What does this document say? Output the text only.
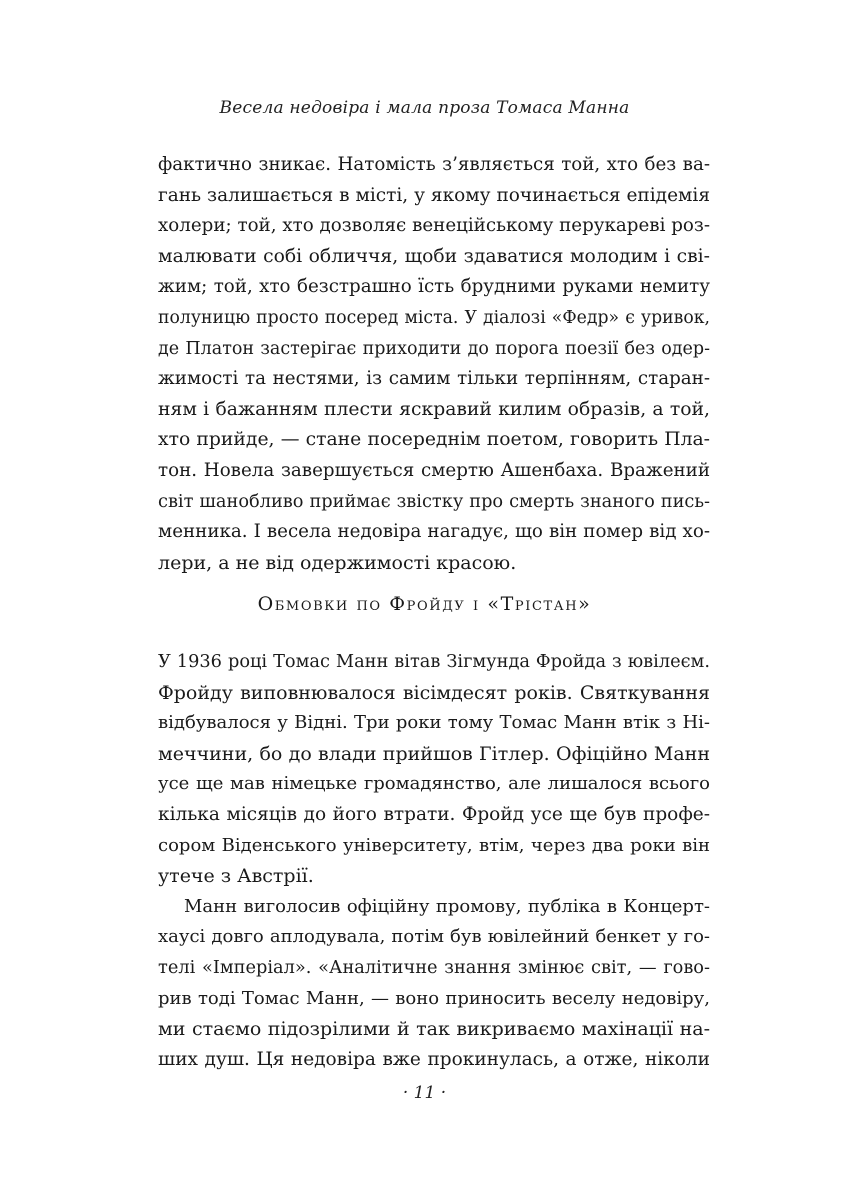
Весела недовіра і мала проза Томаса Манна
фактично зникає. Натомість з’являється той, хто без ва-
гань залишається в місті, у якому починається епідемія
холери; той, хто дозволяє венеційському перукареві роз-
малювати собі обличчя, щоби здаватися молодим і сві-
жим; той, хто безстрашно їсть брудними руками немиту
полуницю просто посеред міста. У діалозі «Федр» є уривок,
де Платон застерігає приходити до порога поезії без одер-
жимості та нестями, із самим тільки терпінням, старан-
ням і бажанням плести яскравий килим образів, а той,
хто прийде, — стане посереднім поетом, говорить Пла-
тон. Новела завершується смертю Ашенбаха. Вражений
світ шанобливо приймає звістку про смерть знаного пись-
менника. І весела недовіра нагадує, що він помер від хо-
лери, а не від одержимості красою.
Обмовки по Фройду і «Трістан»
У 1936 році Томас Манн вітав Зігмунда Фройда з ювілеєм.
Фройду виповнювалося вісімдесят років. Святкування
відбувалося у Відні. Три роки тому Томас Манн втік з Ні-
меччини, бо до влади прийшов Гітлер. Офіційно Манн
усе ще мав німецьке громадянство, але лишалося всього
кілька місяців до його втрати. Фройд усе ще був профе-
сором Віденського університету, втім, через два роки він
утече з Австрії.
Манн виголосив офіційну промову, публіка в Концерт-
хаусі довго аплодувала, потім був ювілейний бенкет у го-
телі «Імперіал». «Аналітичне знання змінює світ, — гово-
рив тоді Томас Манн, — воно приносить веселу недовіру,
ми стаємо підозрілими й так викриваємо махінації на-
ших душ. Ця недовіра вже прокинулась, а отже, ніколи
· 11 ·
